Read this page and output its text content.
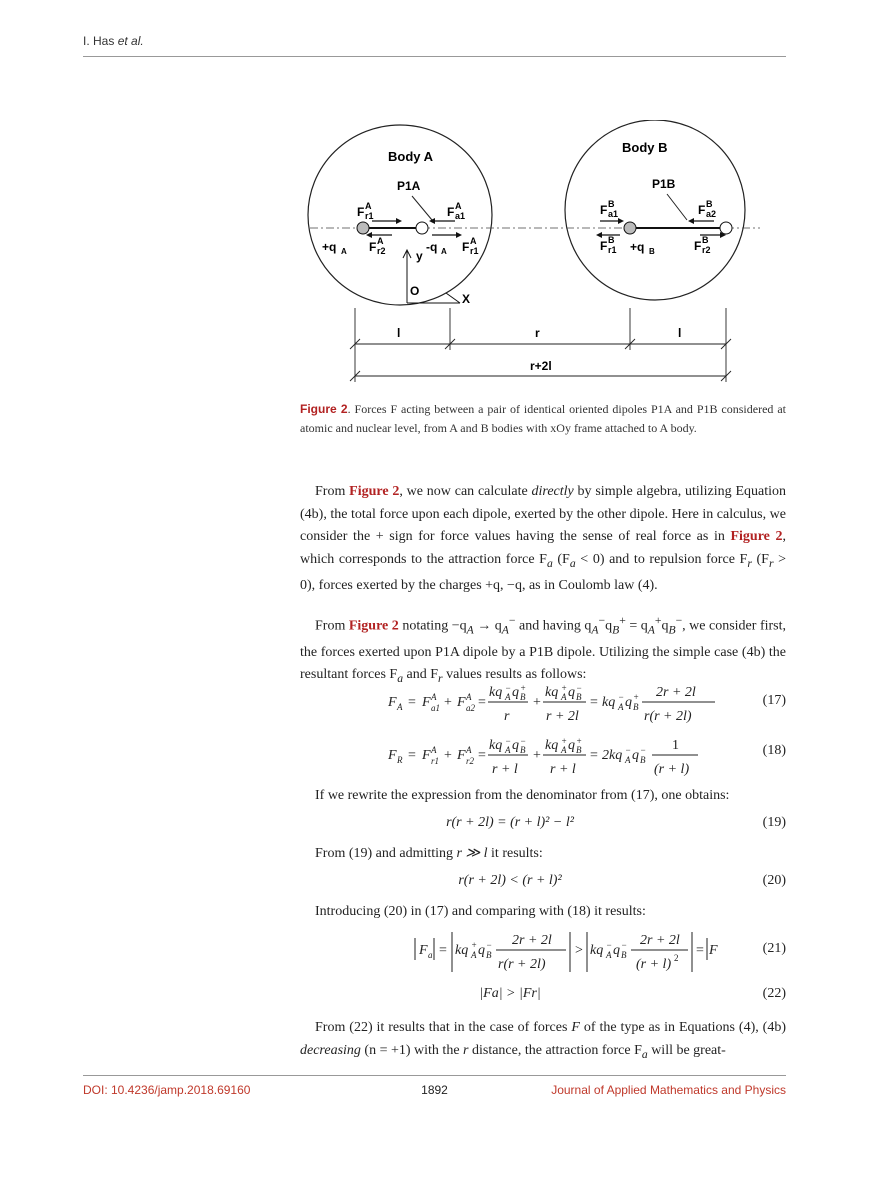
I. Has et al.
Body A
Body B
P1A	P1B
F A
r1	F A
a1
+q A F A
r2	-q A F A
r1
F B
a1	F B
a2
F B
r1 +q B	F B
r2
y
O
X
l	r	l
r+2l
Figure 2. Forces F acting between a pair of identical oriented dipoles P1A and P1B considered at atomic and nuclear level, from A and B bodies with xOy frame attached to A body.

From Figure 2, we now can calculate directly by simple algebra, utilizing Equation (4b), the total force upon each dipole, exerted by the other dipole. Here in calculus, we consider the + sign for force values having the sense of real force as in Figure 2, which corresponds to the attraction force $F_a$ $(F_a < 0)$ and to repulsion force $F_r$ $(F_r > 0)$, forces exerted by the charges +q, −q, as in Coulomb law (4).

From Figure 2 notating $-q_A \to q_A^-$ and having $q_A^-q_B^+ = q_A^+q_B^-$, we consider first, the forces exerted upon P1A dipole by a P1B dipole. Utilizing the simple case (4b) the resultant forces $F_a$ and $F_r$ values results as follows:

F A = F A
a1 + F A
a2 =
kq A
− q B
+
r
+
kq A
+ q B
−
r + 2l
= kq A
− q B
+ 2r + 2l
r(r + 2l)
(17)
F R = F A
r1 + F A
r2 =
kq A
− q B
−
r + l
+
kq A
+ q B
+
r + l
= 2kq A
− q B
− 1
(r + l)
(18)

If we rewrite the expression from the denominator from (17), one obtains:

r(r + 2l) = (r + l)² − l²	(19)

From (19) and admitting r ≫ l it results:

r(r + 2l) < (r + l)²	(20)

Introducing (20) in (17) and comparing with (18) it results:

F a = kq A
+ q B
− 2r + 2l
r(r + 2l)
> kq A
− q B
− 2r + 2l
(r + l) 2 = F	(21)
|Fa| > |Fr|	(22)

From (22) it results that in the case of forces F of the type as in Equations (4), (4b) decreasing (n = +1) with the r distance, the attraction force $F_a$ will be great-

DOI: 10.4236/jamp.2018.69160	1892	Journal of Applied Mathematics and Physics
